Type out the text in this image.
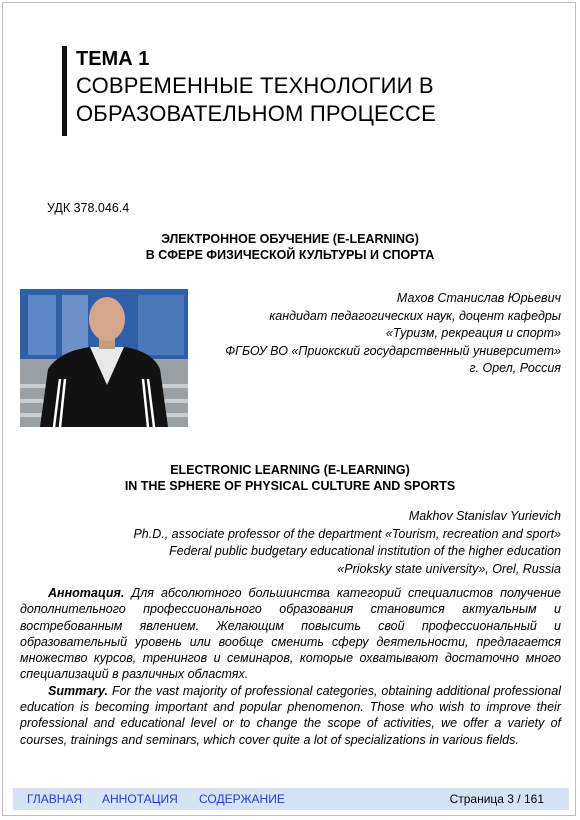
ТЕМА 1
СОВРЕМЕННЫЕ ТЕХНОЛОГИИ В
ОБРАЗОВАТЕЛЬНОМ ПРОЦЕССЕ
УДК 378.046.4
ЭЛЕКТРОННОЕ ОБУЧЕНИЕ (E-LEARNING)
В СФЕРЕ ФИЗИЧЕСКОЙ КУЛЬТУРЫ И СПОРТА
Махов Станислав Юрьевич
кандидат педагогических наук, доцент кафедры
«Туризм, рекреация и спорт»
ФГБОУ ВО «Приокский государственный университет»
г. Орел, Россия
ELECTRONIC LEARNING (E-LEARNING)
IN THE SPHERE OF PHYSICAL CULTURE AND SPORTS
Makhov Stanislav Yurievich
Ph.D., associate professor of the department «Tourism, recreation and sport»
Federal public budgetary educational institution of the higher education
«Prioksky state university», Orel, Russia

Аннотация. Для абсолютного большинства категорий специалистов получение дополнительного профессионального образования становится актуальным и востребованным явлением. Желающим повысить свой профессиональный и образовательный уровень или вообще сменить сферу деятельности, предлагается множество курсов, тренингов и семинаров, которые охватывают достаточно много специализаций в различных областях.

Summary. For the vast majority of professional categories, obtaining additional professional education is becoming important and popular phenomenon. Those who wish to improve their professional and educational level or to change the scope of activities, we offer a variety of courses, trainings and seminars, which cover quite a lot of specializations in various fields.

ГЛАВНАЯ АННОТАЦИЯ СОДЕРЖАНИЕ	Страница 3 / 161
